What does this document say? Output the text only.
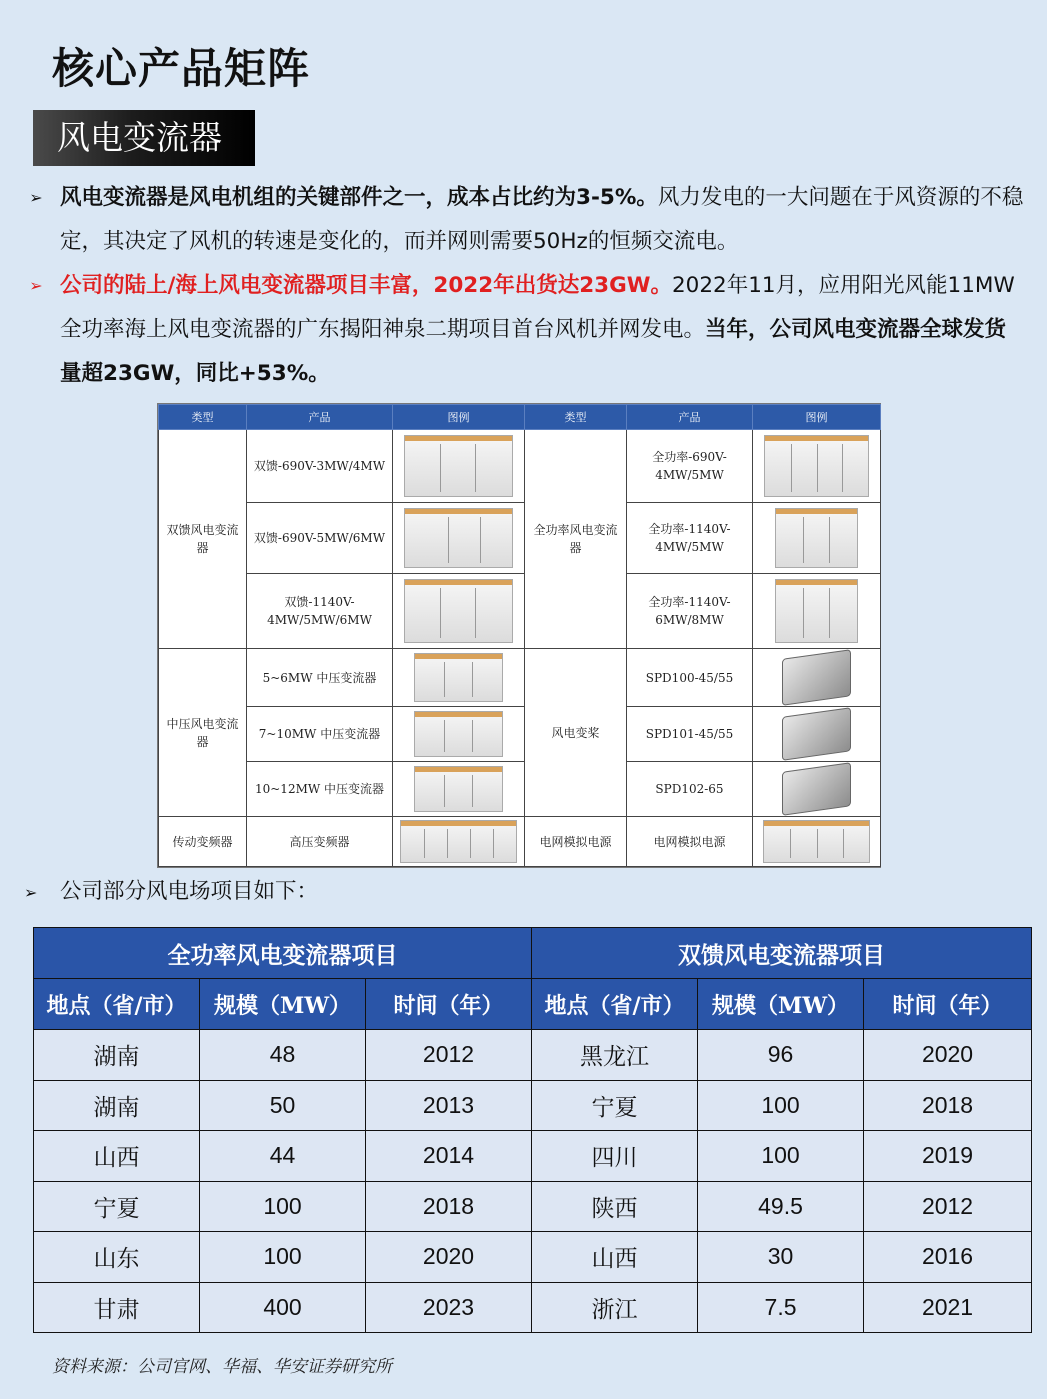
核心产品矩阵
风电变流器
➢ 风电变流器是风电机组的关键部件之一，成本占比约为3-5%。风力发电的一大问题在于风资源的不稳定，其决定了风机的转速是变化的，而并网则需要50Hz的恒频交流电。
➢ 公司的陆上/海上风电变流器项目丰富，2022年出货达23GW。2022年11月，应用阳光风能11MW全功率海上风电变流器的广东揭阳神泉二期项目首台风机并网发电。当年，公司风电变流器全球发货量超23GW，同比+53%。
类型	产品	图例	类型	产品	图例
双馈风电变流器	双馈-690V-3MW/4MW		全功率风电变流器	全功率-690V-4MW/5MW	

	双馈-690V-5MW/6MW			全功率-1140V-4MW/5MW	

	双馈-1140V-4MW/5MW/6MW			全功率-1140V-6MW/8MW	

中压风电变流器	5~6MW 中压变流器		风电变桨	SPD100-45/55	

	7~10MW 中压变流器			SPD101-45/55	

	10~12MW 中压变流器			SPD102-65	

传动变频器	高压变频器		电网模拟电源	电网模拟电源	
➢ 公司部分风电场项目如下：
全功率风电变流器项目			双馈风电变流器项目		
地点（省/市）	规模（MW）	时间（年）	地点（省/市）	规模（MW）	时间（年）
湖南	48	2012	黑龙江	96	2020
湖南	50	2013	宁夏	100	2018
山西	44	2014	四川	100	2019
宁夏	100	2018	陕西	49.5	2012
山东	100	2020	山西	30	2016
甘肃	400	2023	浙江	7.5	2021
资料来源：公司官网、华福、华安证券研究所
